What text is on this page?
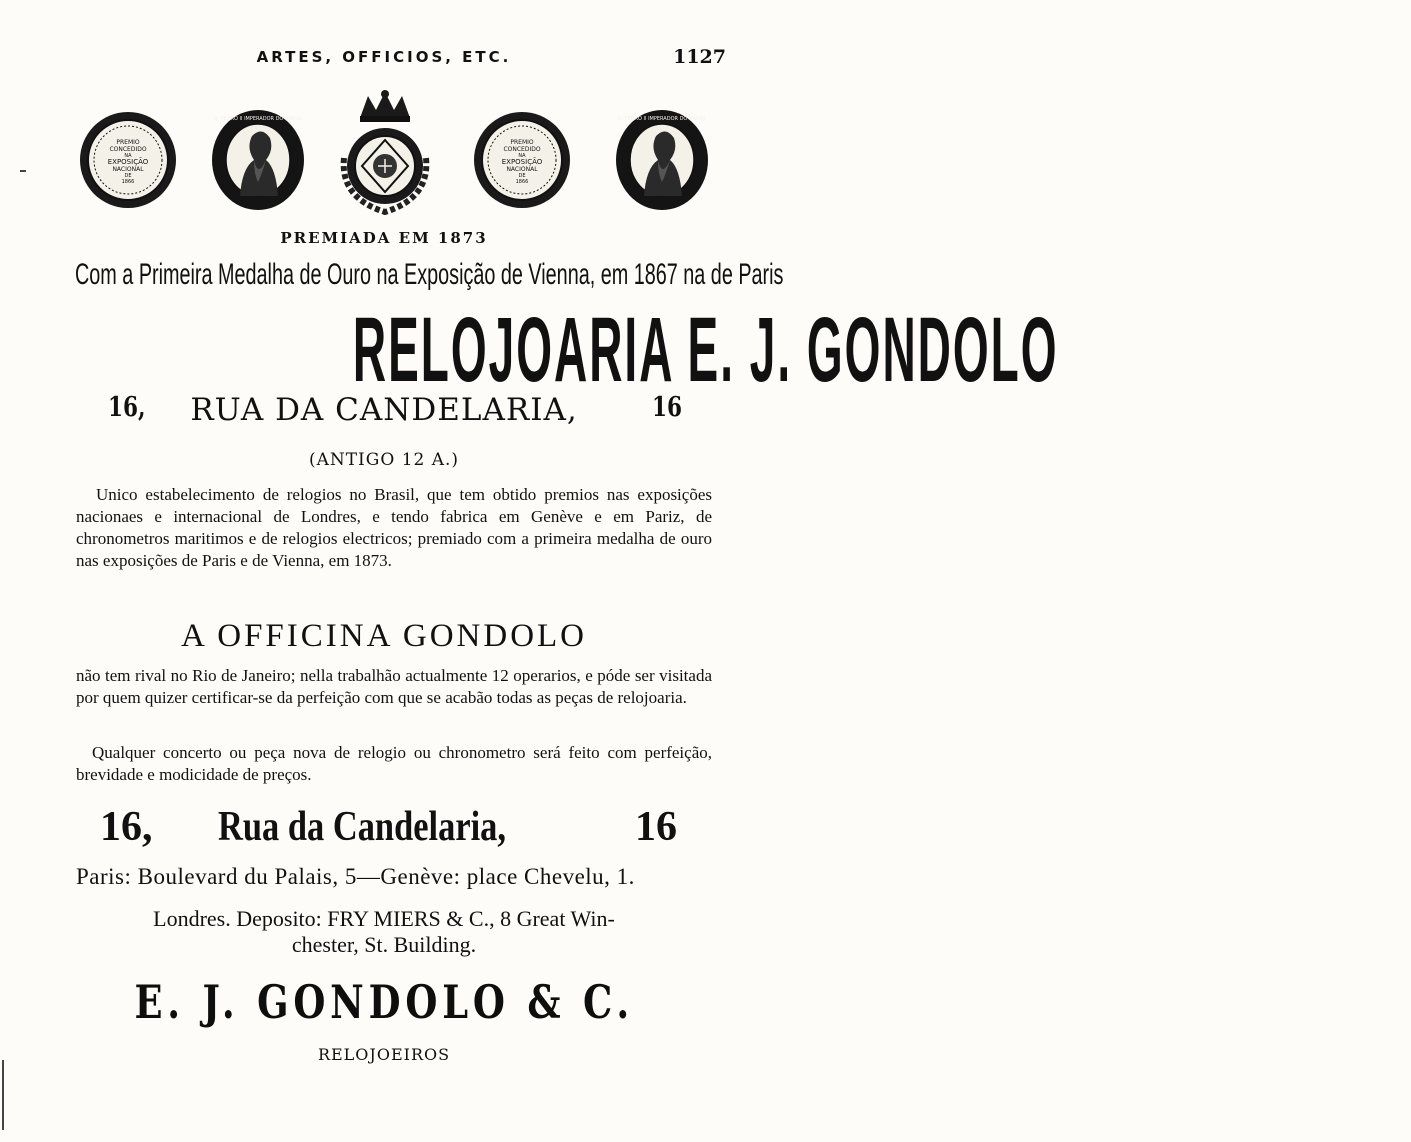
ARTES, OFFICIOS, ETC.	1127
PREMIO
CONCEDIDO
NA
EXPOSIÇÃO
NACIONAL
DE
1866
D. PEDRO II IMPERADOR DO BRASIL
PREMIO
CONCEDIDO
NA
EXPOSIÇÃO
NACIONAL
DE
1866
D. PEDRO II IMPERADOR DO BRASIL
PREMIADA EM 1873
Com a Primeira Medalha de Ouro na Exposição de Vienna, em 1867 na de Paris
RELOJOARIA E. J. GONDOLO
RUA DA CANDELARIA,
16,	16
(ANTIGO 12 A.)
Unico estabelecimento de relogios no Brasil, que tem obtido premios nas exposições nacionaes e internacional de Londres, e tendo fabrica em Genève e em Pariz, de chronometros maritimos e de relogios electricos; premiado com a primeira medalha de ouro nas exposições de Paris e de Vienna, em 1873.
A OFFICINA GONDOLO
não tem rival no Rio de Janeiro; nella trabalhão actualmente 12 operarios, e póde ser visitada por quem quizer certificar-se da perfeição com que se acabão todas as peças de relojoaria.
Qualquer concerto ou peça nova de relogio ou chronometro será feito com perfeição, brevidade e modicidade de preços.
16, Rua da Candelaria,	16
Paris: Boulevard du Palais, 5—Genève: place Chevelu, 1.
Londres. Deposito: FRY MIERS & C., 8 Great Win-
chester, St. Building.
E. J. GONDOLO & C.
RELOJOEIROS
